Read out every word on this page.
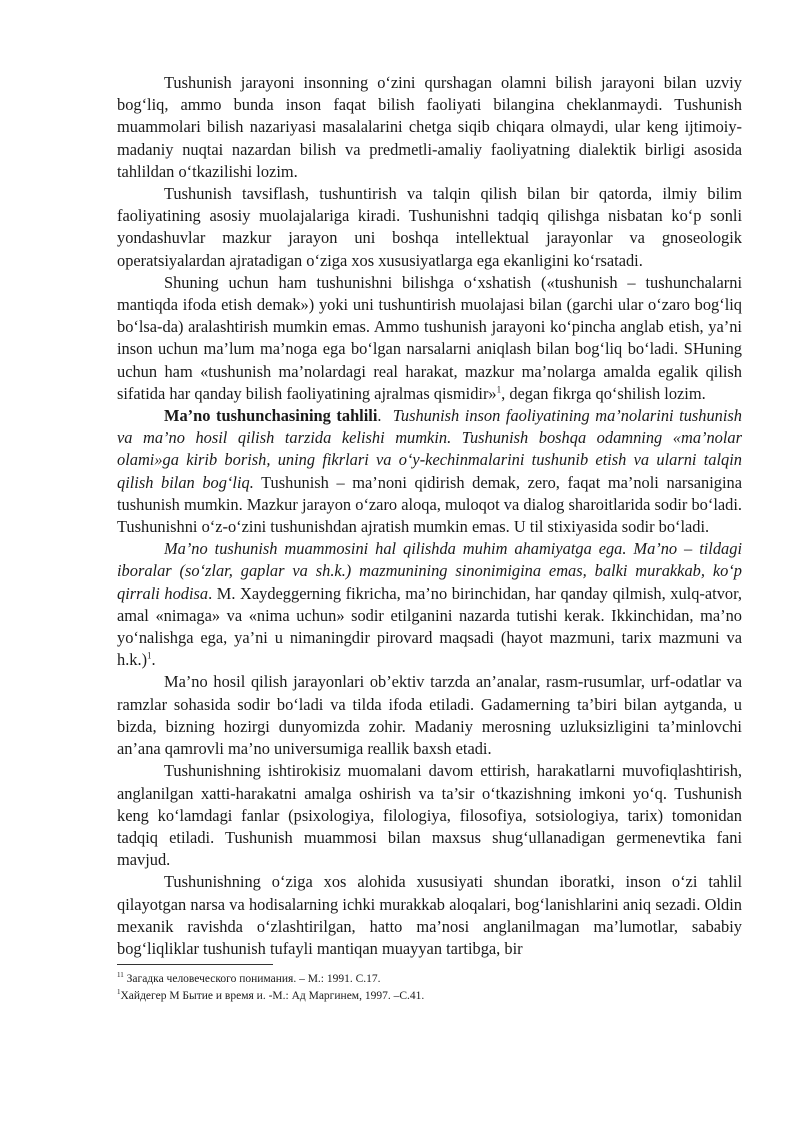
Tushunish jarayoni insonning o‘zini qurshagan olamni bilish jarayoni bilan uzviy bog‘liq, ammo bunda inson faqat bilish faoliyati bilangina cheklanmaydi. Tushunish muammolari bilish nazariyasi masalalarini chetga siqib chiqara olmaydi, ular keng ijtimoiy-madaniy nuqtai nazardan bilish va predmetli-amaliy faoliyatning dialektik birligi asosida tahlildan o‘tkazilishi lozim.

Tushunish tavsiflash, tushuntirish va talqin qilish bilan bir qatorda, ilmiy bilim faoliyatining asosiy muolajalariga kiradi. Tushunishni tadqiq qilishga nisbatan ko‘p sonli yondashuvlar mazkur jarayon uni boshqa intellektual jarayonlar va gnoseologik operatsiyalardan ajratadigan o‘ziga xos xususiyatlarga ega ekanligini ko‘rsatadi.

Shuning uchun ham tushunishni bilishga o‘xshatish («tushunish – tushunchalarni mantiqda ifoda etish demak») yoki uni tushuntirish muolajasi bilan (garchi ular o‘zaro bog‘liq bo‘lsa-da) aralashtirish mumkin emas. Ammo tushunish jarayoni ko‘pincha anglab etish, ya’ni inson uchun ma’lum ma’noga ega bo‘lgan narsalarni aniqlash bilan bog‘liq bo‘ladi. SHuning uchun ham «tushunish ma’nolardagi real harakat, mazkur ma’nolarga amalda egalik qilish sifatida har qanday bilish faoliyatining ajralmas qismidir»$^1$, degan fikrga qo‘shilish lozim.

Ma’no tushunchasining tahlili. Tushunish inson faoliyatining ma’nolarini tushunish va ma’no hosil qilish tarzida kelishi mumkin. Tushunish boshqa odamning «ma’nolar olami»ga kirib borish, uning fikrlari va o‘y-kechinmalarini tushunib etish va ularni talqin qilish bilan bog‘liq. Tushunish – ma’noni qidirish demak, zero, faqat ma’noli narsanigina tushunish mumkin. Mazkur jarayon o‘zaro aloqa, muloqot va dialog sharoitlarida sodir bo‘ladi. Tushunishni o‘z-o‘zini tushunishdan ajratish mumkin emas. U til stixiyasida sodir bo‘ladi.

Ma’no tushunish muammosini hal qilishda muhim ahamiyatga ega. Ma’no – tildagi iboralar (so‘zlar, gaplar va sh.k.) mazmunining sinonimigina emas, balki murakkab, ko‘p qirrali hodisa. M. Xaydeggerning fikricha, ma’no birinchidan, har qanday qilmish, xulq-atvor, amal «nimaga» va «nima uchun» sodir etilganini nazarda tutishi kerak. Ikkinchidan, ma’no yo‘nalishga ega, ya’ni u nimaningdir pirovard maqsadi (hayot mazmuni, tarix mazmuni va h.k.)$^1$.

Ma’no hosil qilish jarayonlari ob’ektiv tarzda an’analar, rasm-rusumlar, urf-odatlar va ramzlar sohasida sodir bo‘ladi va tilda ifoda etiladi. Gadamerning ta’biri bilan aytganda, u bizda, bizning hozirgi dunyomizda zohir. Madaniy merosning uzluksizligini ta’minlovchi an’ana qamrovli ma’no universumiga reallik baxsh etadi.

Tushunishning ishtirokisiz muomalani davom ettirish, harakatlarni muvofiqlashtirish, anglanilgan xatti-harakatni amalga oshirish va ta’sir o‘tkazishning imkoni yo‘q. Tushunish keng ko‘lamdagi fanlar (psixologiya, filologiya, filosofiya, sotsiologiya, tarix) tomonidan tadqiq etiladi. Tushunish muammosi bilan maxsus shug‘ullanadigan germenevtika fani mavjud.

Tushunishning o‘ziga xos alohida xususiyati shundan iboratki, inson o‘zi tahlil qilayotgan narsa va hodisalarning ichki murakkab aloqalari, bog‘lanishlarini aniq sezadi. Oldin mexanik ravishda o‘zlashtirilgan, hatto ma’nosi anglanilmagan ma’lumotlar, sababiy bog‘liqliklar tushunish tufayli mantiqan muayyan tartibga, bir

$^{11}$ Загадка человеческого понимания. – М.: 1991. С.17.

$^1$Хайдегер М Бытие и время и. -М.: Ад Маргинем, 1997. –С.41.
